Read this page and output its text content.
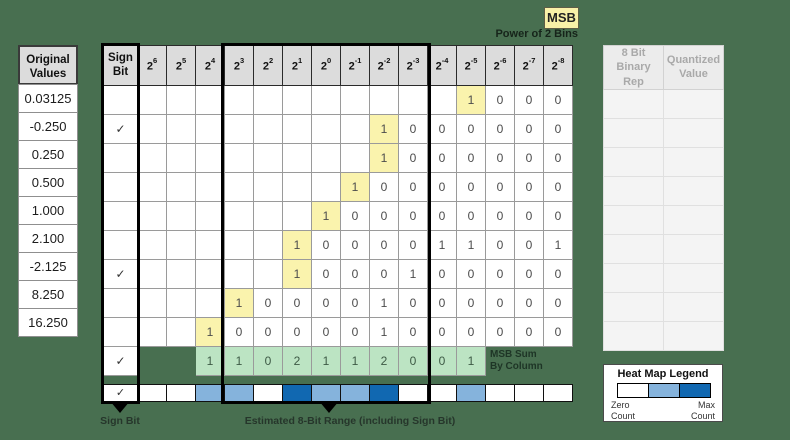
MSB
Power of 2 Bins
Original Values
0.03125
-0.250
0.250
0.500
1.000
2.100
-2.125
8.250
16.250
Sign Bit	$2^6$	$2^5$	$2^4$	$2^3$	$2^2$	$2^1$	$2^0$	$2^{-1}$	$2^{-2}$	$2^{-3}$	$2^{-4}$	$2^{-5}$	$2^{-6}$	$2^{-7}$	$2^{-8}$
												1	0	0	0
✓									1	0	0	0	0	0	0
									1	0	0	0	0	0	0
								1	0	0	0	0	0	0	0
							1	0	0	0	0	0	0	0	0
						1	0	0	0	0	1	1	0	0	1
✓						1	0	0	0	1	0	0	0	0	0
				1	0	0	0	0	1	0	0	0	0	0	0
			1	0	0	0	0	0	1	0	0	0	0	0	0
✓			1	1	0	2	1	1	2	0	0	1	MSB Sum
By Column		
✓															
Sign Bit	Estimated 8-Bit Range (including Sign Bit)
8 Bit Binary Rep	Quantized Value

Heat Map Legend
Zero Count
Max Count
